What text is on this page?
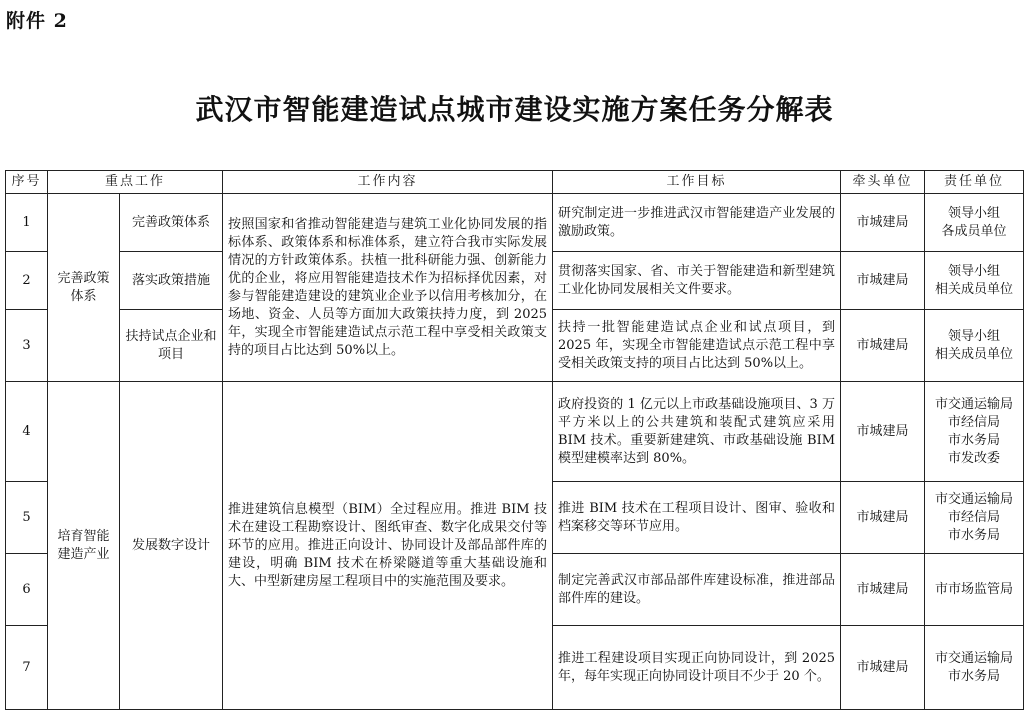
附件 2
武汉市智能建造试点城市建设实施方案任务分解表
序号	重点工作		工作内容	工作目标	牵头单位	责任单位
1	完善政策体系	完善政策体系	按照国家和省推动智能建造与建筑工业化协同发展的指标体系、政策体系和标准体系，建立符合我市实际发展情况的方针政策体系。扶植一批科研能力强、创新能力优的企业，将应用智能建造技术作为招标择优因素，对参与智能建造建设的建筑业企业予以信用考核加分，在场地、资金、人员等方面加大政策扶持力度，到 2025 年，实现全市智能建造试点示范工程中享受相关政策支持的项目占比达到 50%以上。	研究制定进一步推进武汉市智能建造产业发展的激励政策。	市城建局	领导小组
各成员单位

2		落实政策措施		贯彻落实国家、省、市关于智能建造和新型建筑工业化协同发展相关文件要求。	市城建局	领导小组
相关成员单位

3		扶持试点企业和项目		扶持一批智能建造试点企业和试点项目，到 2025 年，实现全市智能建造试点示范工程中享受相关政策支持的项目占比达到 50%以上。	市城建局	领导小组
相关成员单位

4	培育智能建造产业	发展数字设计	推进建筑信息模型（BIM）全过程应用。推进 BIM 技术在建设工程勘察设计、图纸审查、数字化成果交付等环节的应用。推进正向设计、协同设计及部品部件库的建设，明确 BIM 技术在桥梁隧道等重大基础设施和大、中型新建房屋工程项目中的实施范围及要求。	政府投资的 1 亿元以上市政基础设施项目、3 万平方米以上的公共建筑和装配式建筑应采用 BIM 技术。重要新建建筑、市政基础设施 BIM 模型建模率达到 80%。	市城建局	市交通运输局
市经信局
市水务局
市发改委

5				推进 BIM 技术在工程项目设计、图审、验收和档案移交等环节应用。	市城建局	市交通运输局
市经信局
市水务局

6				制定完善武汉市部品部件库建设标准，推进部品部件库的建设。	市城建局	市市场监管局

7				推进工程建设项目实现正向协同设计，到 2025 年，每年实现正向协同设计项目不少于 20 个。	市城建局	市交通运输局
市水务局
